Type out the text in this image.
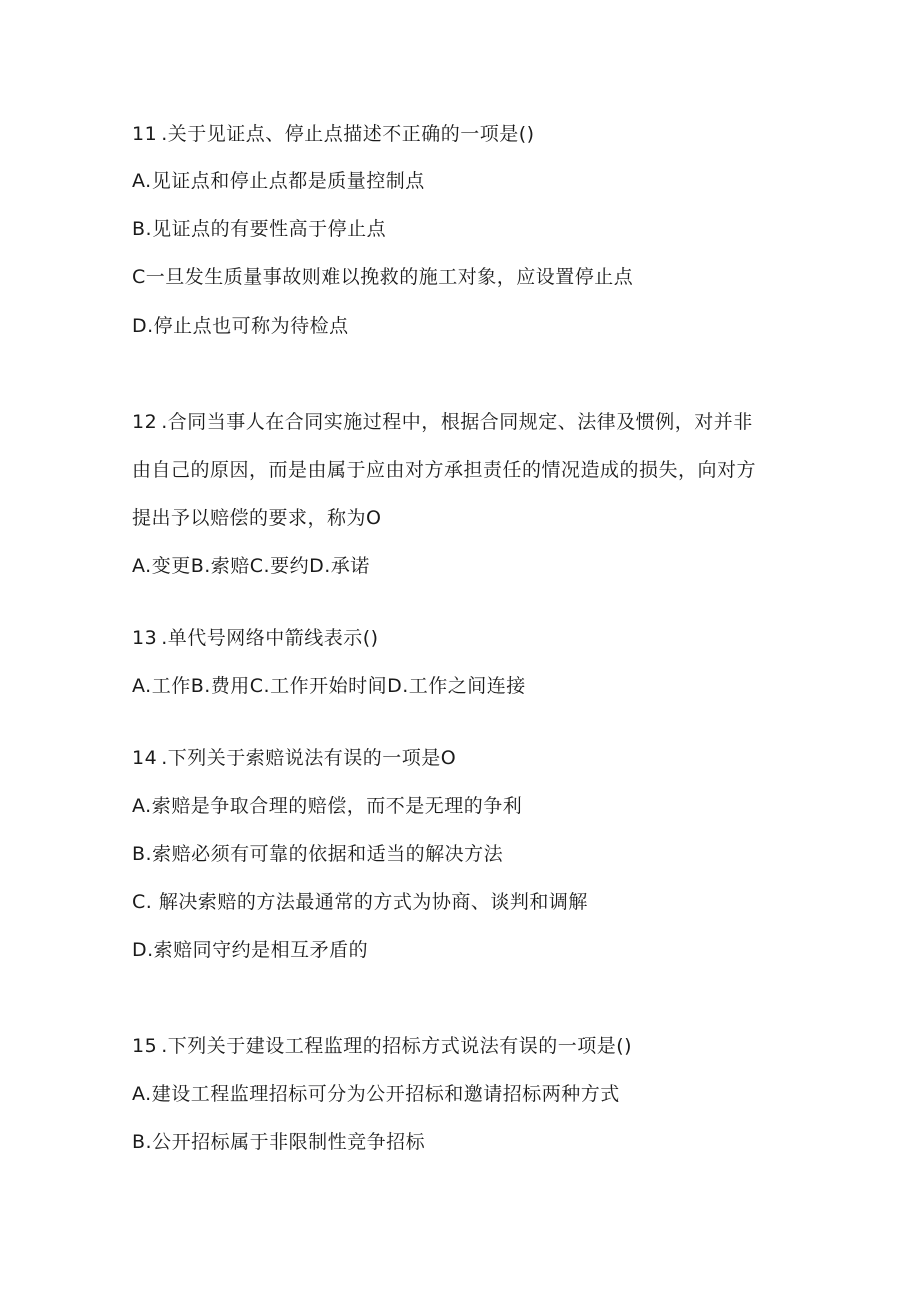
11 .关于见证点、停止点描述不正确的一项是()
A.见证点和停止点都是质量控制点
B.见证点的有要性高于停止点
C一旦发生质量事故则难以挽救的施工对象，应设置停止点
D.停止点也可称为待检点
12 .合同当事人在合同实施过程中，根据合同规定、法律及惯例，对并非
由自己的原因，而是由属于应由对方承担责任的情况造成的损失，向对方
提出予以赔偿的要求，称为O
A.变更B.索赔C.要约D.承诺
13 .单代号网络中箭线表示()
A.工作B.费用C.工作开始时间D.工作之间连接
14 .下列关于索赔说法有误的一项是O
A.索赔是争取合理的赔偿，而不是无理的争利
B.索赔必须有可靠的依据和适当的解决方法
C. 解决索赔的方法最通常的方式为协商、谈判和调解
D.索赔同守约是相互矛盾的
15 .下列关于建设工程监理的招标方式说法有误的一项是()
A.建设工程监理招标可分为公开招标和邀请招标两种方式
B.公开招标属于非限制性竞争招标
